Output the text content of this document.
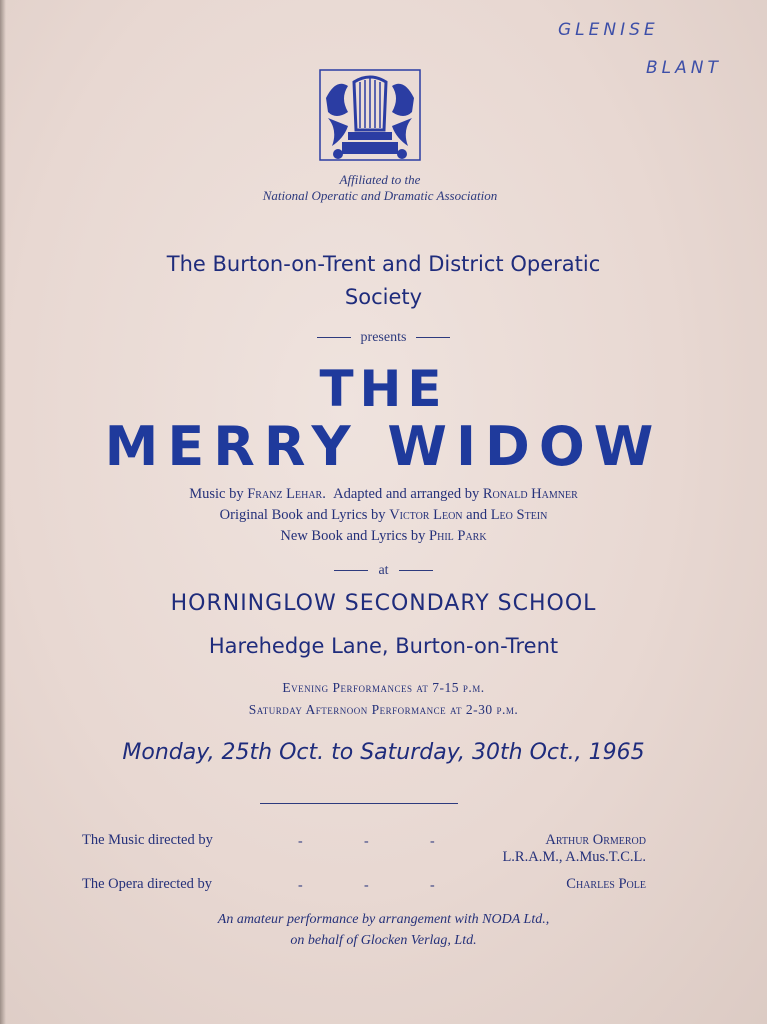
GLENISE
BLANT
Affiliated to the
National Operatic and Dramatic Association
The Burton-on-Trent and District Operatic
Society
presents
THE
MERRY WIDOW
Music by Franz Lehar. Adapted and arranged by Ronald Hamner
Original Book and Lyrics by Victor Leon and Leo Stein
New Book and Lyrics by Phil Park
at
HORNINGLOW SECONDARY SCHOOL
Harehedge Lane, Burton-on-Trent
Evening Performances at 7-15 p.m.
Saturday Afternoon Performance at 2-30 p.m.
Monday, 25th Oct. to Saturday, 30th Oct., 1965
The Music directed by	-	-	-	Arthur Ormerod
L.R.A.M., A.Mus.T.C.L.
The Opera directed by	-	-	-	Charles Pole
An amateur performance by arrangement with NODA Ltd.,
on behalf of Glocken Verlag, Ltd.
